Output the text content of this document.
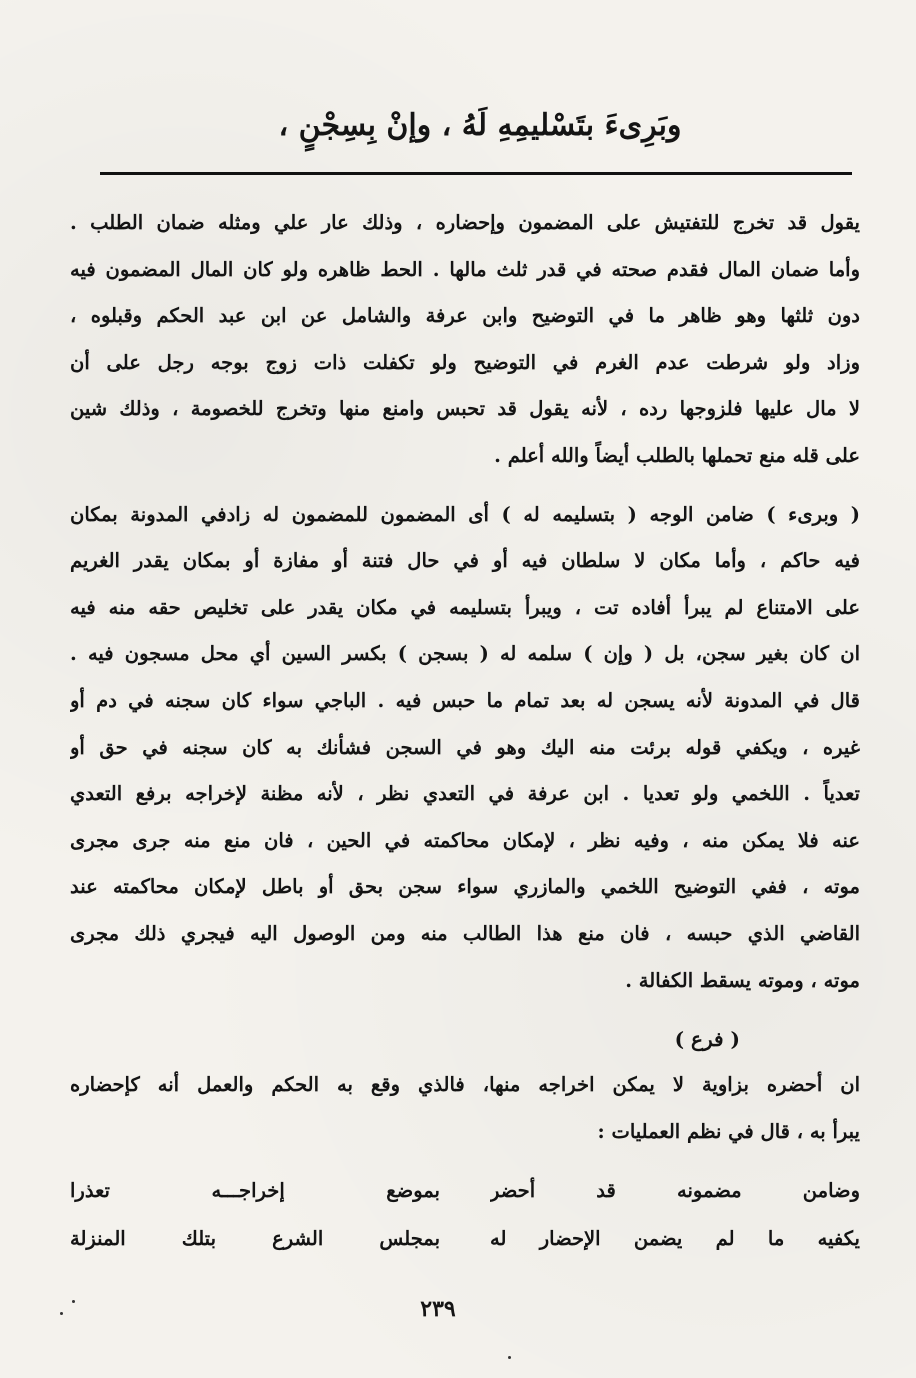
وبَرِىءَ بتَسْليمِهِ لَهُ ، وإنْ بِسِجْنٍ ،
يقول قد تخرج للتفتيش على المضمون وإحضاره ، وذلك عار علي ومثله ضمان الطلب .
وأما ضمان المال فقدم صحته في قدر ثلث مالها . الحط ظاهره ولو كان المال المضمون فيه
دون ثلثها وهو ظاهر ما في التوضيح وابن عرفة والشامل عن ابن عبد الحكم وقبلوه ،
وزاد ولو شرطت عدم الغرم في التوضيح ولو تكفلت ذات زوج بوجه رجل على أن
لا مال عليها فلزوجها رده ، لأنه يقول قد تحبس وامنع منها وتخرج للخصومة ، وذلك شين
على قله منع تحملها بالطلب أيضاً والله أعلم .
( وبرىء ) ضامن الوجه ( بتسليمه له ) أى المضمون للمضمون له زادفي المدونة بمكان
فيه حاكم ، وأما مكان لا سلطان فيه أو في حال فتنة أو مفازة أو بمكان يقدر الغريم
على الامتناع لم يبرأ أفاده تت ، ويبرأ بتسليمه في مكان يقدر على تخليص حقه منه فيه
ان كان بغير سجن، بل ( وإن ) سلمه له ( بسجن ) بكسر السين أي محل مسجون فيه .
قال في المدونة لأنه يسجن له بعد تمام ما حبس فيه . الباجي سواء كان سجنه في دم أو
غيره ، ويكفي قوله برئت منه اليك وهو في السجن فشأنك به كان سجنه في حق أو
تعدياً . اللخمي ولو تعديا . ابن عرفة في التعدي نظر ، لأنه مظنة لإخراجه برفع التعدي
عنه فلا يمكن منه ، وفيه نظر ، لإمكان محاكمته في الحين ، فان منع منه جرى مجرى
موته ، ففي التوضيح اللخمي والمازري سواء سجن بحق أو باطل لإمكان محاكمته عند
القاضي الذي حبسه ، فان منع هذا الطالب منه ومن الوصول اليه فيجري ذلك مجرى
موته ، وموته يسقط الكفالة .
( فرع )
ان أحضره بزاوية لا يمكن اخراجه منها، فالذي وقع به الحكم والعمل أنه كإحضاره
يبرأ به ، قال في نظم العمليات :
وضامن مضمونه قد أحضر
بموضع إخراجـــه تعذرا
يكفيه ما لم يضمن الإحضار له
بمجلس الشرع بتلك المنزلة
٢٣٩
